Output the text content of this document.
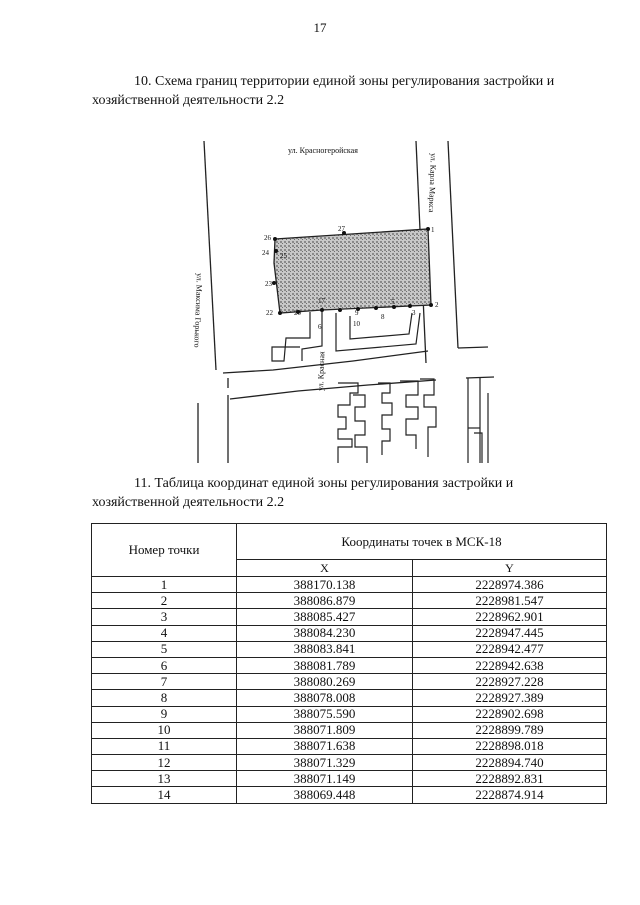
17
10. Схема границ территории единой зоны регулирования застройки и
хозяйственной деятельности 2.2
ул. Красногеройская
ул. Карла Маркса
ул. Максима Горького
ул. Красная
1
2
3
5
6
8
9
10
17
20
22
23
24 25
26
27
11. Таблица координат единой зоны регулирования застройки и
хозяйственной деятельности 2.2
Номер точки	Координаты точек в МСК-18	
	X	Y
1	388170.138	2228974.386
2	388086.879	2228981.547
3	388085.427	2228962.901
4	388084.230	2228947.445
5	388083.841	2228942.477
6	388081.789	2228942.638
7	388080.269	2228927.228
8	388078.008	2228927.389
9	388075.590	2228902.698
10	388071.809	2228899.789
11	388071.638	2228898.018
12	388071.329	2228894.740
13	388071.149	2228892.831
14	388069.448	2228874.914
